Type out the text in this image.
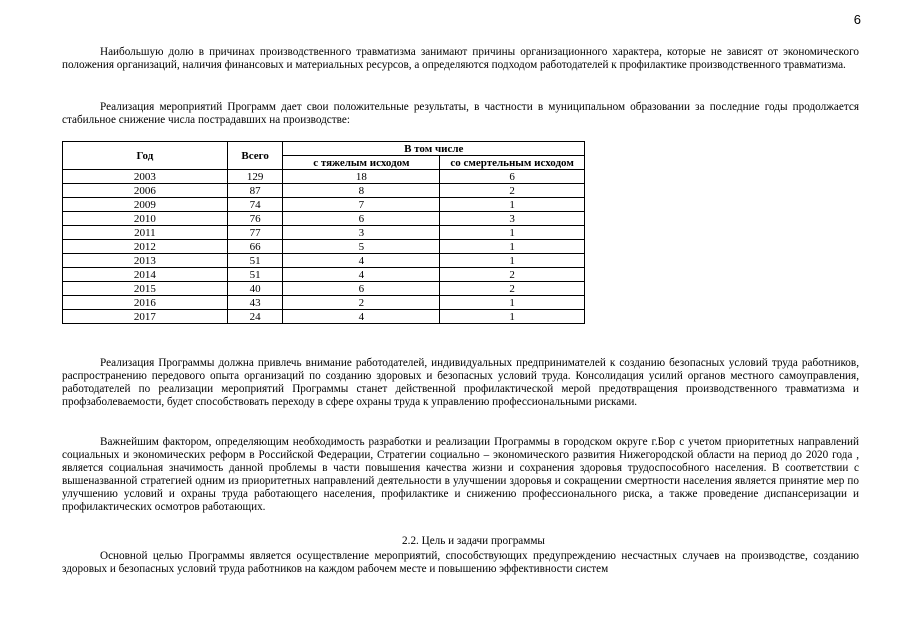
6

Наибольшую долю в причинах производственного травматизма занимают причины организационного характера, которые не зависят от экономического положения организаций, наличия финансовых и материальных ресурсов, а определяются подходом работодателей к профилактике производственного травматизма.

Реализация мероприятий Программ дает свои положительные результаты, в частности в муниципальном образовании за последние годы продолжается стабильное снижение числа пострадавших на производстве:

Год	Всего	В том числе	
		с тяжелым исходом	со смертельным исходом
2003	129	18	6
2006	87	8	2
2009	74	7	1
2010	76	6	3
2011	77	3	1
2012	66	5	1
2013	51	4	1
2014	51	4	2
2015	40	6	2
2016	43	2	1
2017	24	4	1

Реализация Программы должна привлечь внимание работодателей, индивидуальных предпринимателей к созданию безопасных условий труда работников, распространению передового опыта организаций по созданию здоровых и безопасных условий труда. Консолидация усилий органов местного самоуправления, работодателей по реализации мероприятий Программы станет действенной профилактической мерой предотвращения производственного травматизма и профзаболеваемости, будет способствовать переходу в сфере охраны труда к управлению профессиональными рисками.

Важнейшим фактором, определяющим необходимость разработки и реализации Программы в городском округе г.Бор с учетом приоритетных направлений социальных и экономических реформ в Российской Федерации, Стратегии социально – экономического развития Нижегородской области на период до 2020 года , является социальная значимость данной проблемы в части повышения качества жизни и сохранения здоровья трудоспособного населения. В соответствии с вышеназванной стратегией одним из приоритетных направлений деятельности в улучшении здоровья и сокращении смертности населения является принятие мер по улучшению условий и охраны труда работающего населения, профилактике и снижению профессионального риска, а также проведение диспансеризации и профилактических осмотров работающих.

2.2. Цель и задачи программы

Основной целью Программы является осуществление мероприятий, способствующих предупреждению несчастных случаев на производстве, созданию здоровых и безопасных условий труда работников на каждом рабочем месте и повышению эффективности систем
